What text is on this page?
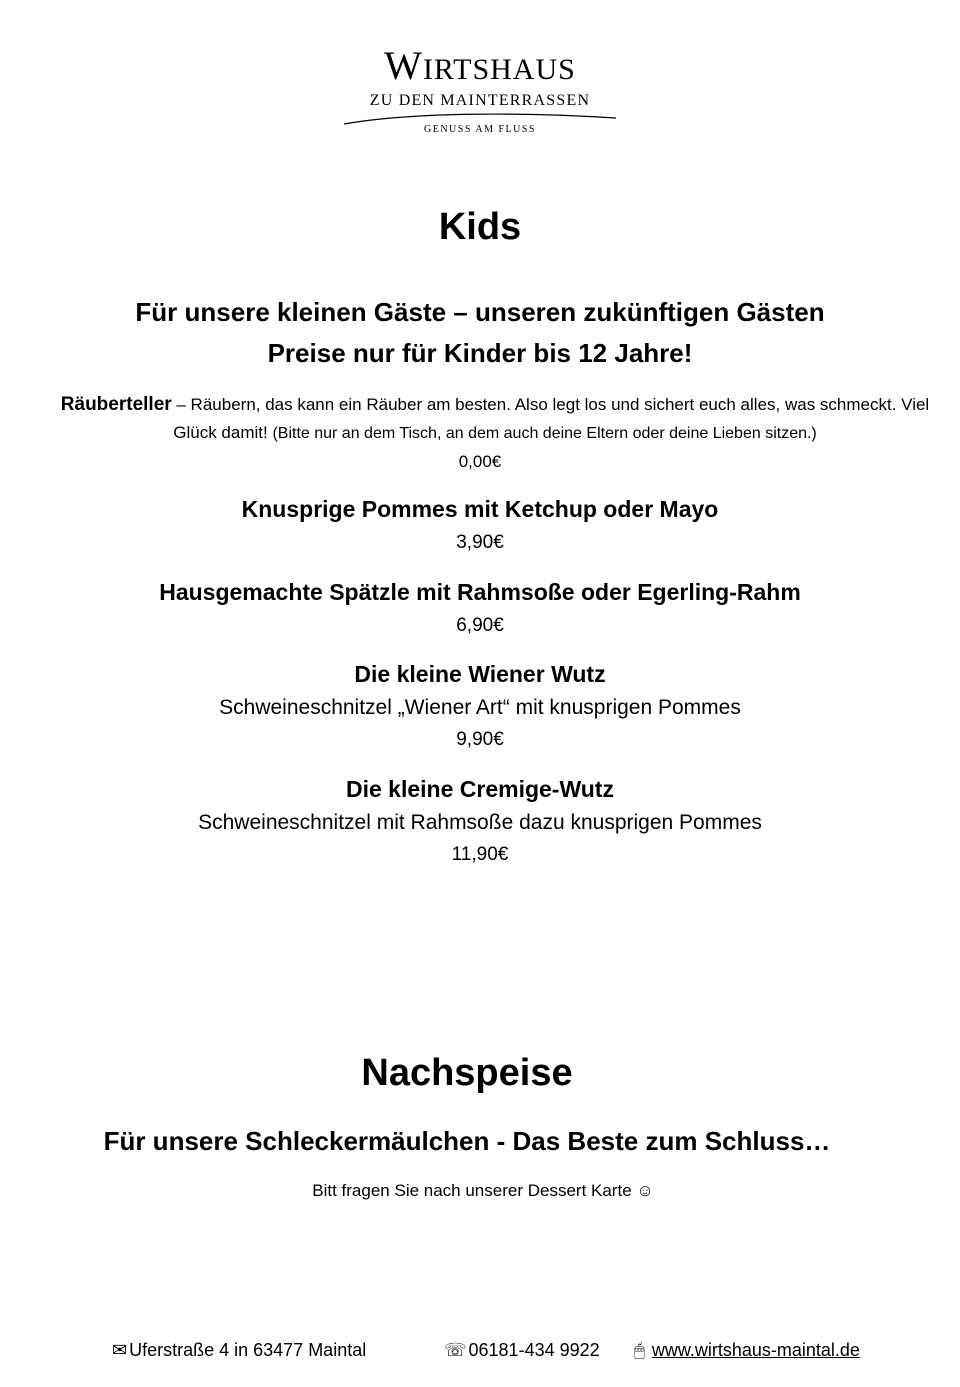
WIRTSHAUS
ZU DEN MAINTERRASSEN
GENUSS AM FLUSS
Kids
Für unsere kleinen Gäste – unseren zukünftigen Gästen
Preise nur für Kinder bis 12 Jahre!
Räuberteller – Räubern, das kann ein Räuber am besten. Also legt los und sichert euch alles, was schmeckt. Viel Glück damit! (Bitte nur an dem Tisch, an dem auch deine Eltern oder deine Lieben sitzen.)
0,00€
Knusprige Pommes mit Ketchup oder Mayo
3,90€
Hausgemachte Spätzle mit Rahmsoße oder Egerling-Rahm
6,90€
Die kleine Wiener Wutz
Schweineschnitzel „Wiener Art“ mit knusprigen Pommes
9,90€
Die kleine Cremige-Wutz
Schweineschnitzel mit Rahmsoße dazu knusprigen Pommes
11,90€
Nachspeise
Für unsere Schleckermäulchen - Das Beste zum Schluss…
Bitt fragen Sie nach unserer Dessert Karte ☺
✉ Uferstraße 4 in 63477 Maintal	☏ 06181-434 9922 🖱 www.wirtshaus-maintal.de
